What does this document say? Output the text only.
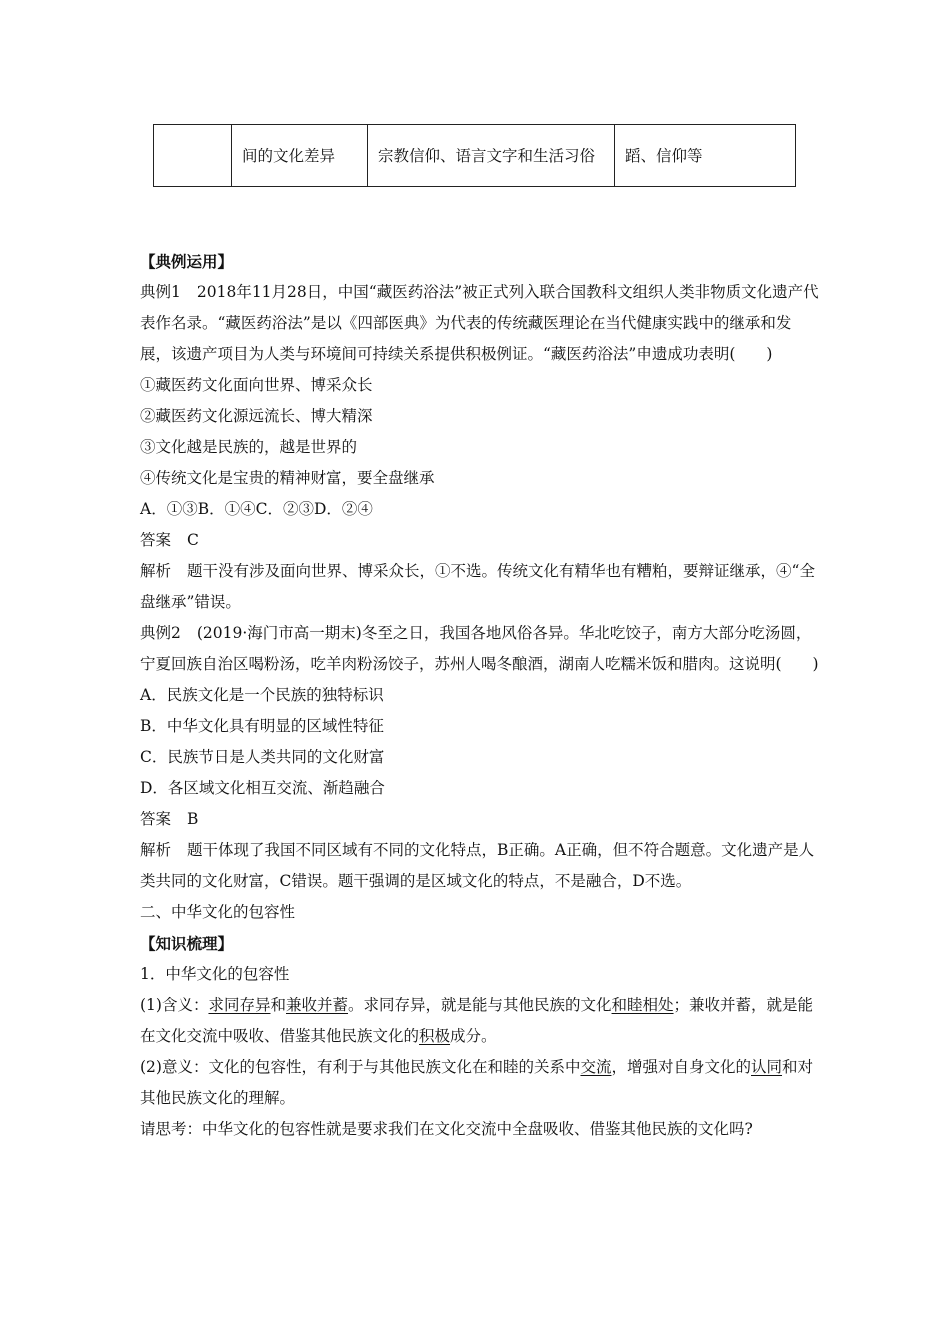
	间的文化差异	宗教信仰、语言文字和生活习俗	蹈、信仰等
【典例运用】
典例1 2018年11月28日，中国“藏医药浴法”被正式列入联合国教科文组织人类非物质文化遗产代表作名录。“藏医药浴法”是以《四部医典》为代表的传统藏医理论在当代健康实践中的继承和发展，该遗产项目为人类与环境间可持续关系提供积极例证。“藏医药浴法”申遗成功表明(　　)
①藏医药文化面向世界、博采众长
②藏医药文化源远流长、博大精深
③文化越是民族的，越是世界的
④传统文化是宝贵的精神财富，要全盘继承
A．①③B．①④C．②③D．②④
答案 C
解析 题干没有涉及面向世界、博采众长，①不选。传统文化有精华也有糟粕，要辩证继承，④“全盘继承”错误。
典例2 (2019·海门市高一期末)冬至之日，我国各地风俗各异。华北吃饺子，南方大部分吃汤圆，宁夏回族自治区喝粉汤，吃羊肉粉汤饺子，苏州人喝冬酿酒，湖南人吃糯米饭和腊肉。这说明(　　)
A．民族文化是一个民族的独特标识
B．中华文化具有明显的区域性特征
C．民族节日是人类共同的文化财富
D．各区域文化相互交流、渐趋融合
答案 B
解析 题干体现了我国不同区域有不同的文化特点，B正确。A正确，但不符合题意。文化遗产是人类共同的文化财富，C错误。题干强调的是区域文化的特点，不是融合，D不选。
二、中华文化的包容性
【知识梳理】
1．中华文化的包容性
(1)含义：求同存异和兼收并蓄。求同存异，就是能与其他民族的文化和睦相处；兼收并蓄，就是能在文化交流中吸收、借鉴其他民族文化的积极成分。
(2)意义：文化的包容性，有利于与其他民族文化在和睦的关系中交流，增强对自身文化的认同和对其他民族文化的理解。
请思考：中华文化的包容性就是要求我们在文化交流中全盘吸收、借鉴其他民族的文化吗?
